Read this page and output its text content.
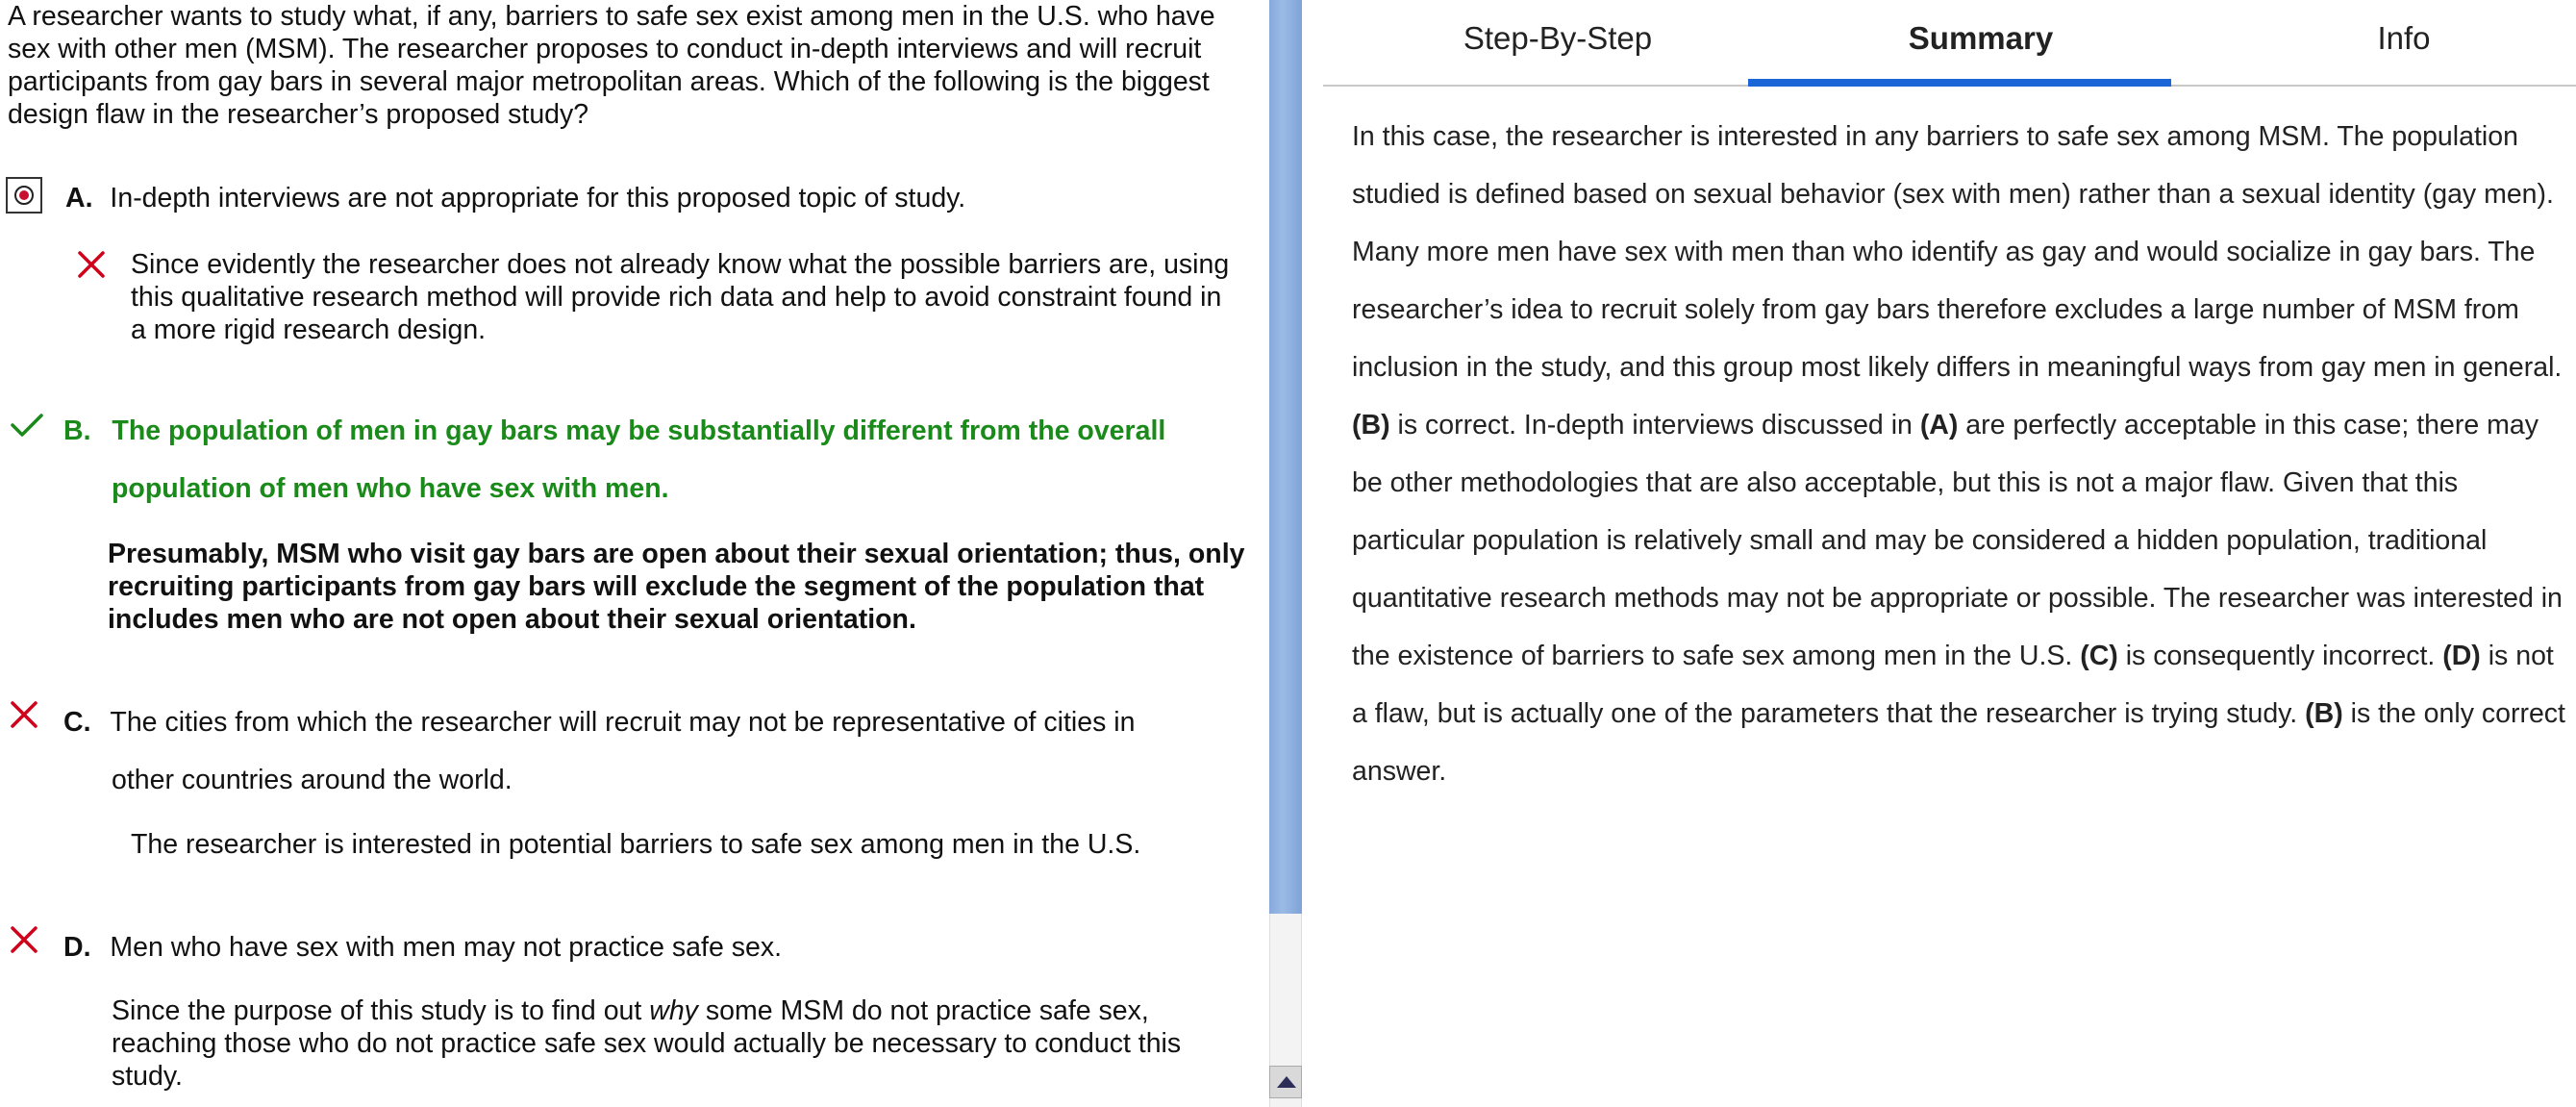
A researcher wants to study what, if any, barriers to safe sex exist among men in the U.S. who have sex with other men (MSM). The researcher proposes to conduct in-depth interviews and will recruit participants from gay bars in several major metropolitan areas. Which of the following is the biggest design flaw in the researcher’s proposed study?
A. In-depth interviews are not appropriate for this proposed topic of study.
Since evidently the researcher does not already know what the possible barriers are, using this qualitative research method will provide rich data and help to avoid constraint found in a more rigid research design.
B. The population of men in gay bars may be substantially different from the overall
population of men who have sex with men.
Presumably, MSM who visit gay bars are open about their sexual orientation; thus, only recruiting participants from gay bars will exclude the segment of the population that includes men who are not open about their sexual orientation.
C. The cities from which the researcher will recruit may not be representative of cities in
other countries around the world.
The researcher is interested in potential barriers to safe sex among men in the U.S.
D. Men who have sex with men may not practice safe sex.
Since the purpose of this study is to find out why some MSM do not practice safe sex, reaching those who do not practice safe sex would actually be necessary to conduct this study.
Step-By-Step	Summary	Info

In this case, the researcher is interested in any barriers to safe sex among MSM. The population studied is defined based on sexual behavior (sex with men) rather than a sexual identity (gay men). Many more men have sex with men than who identify as gay and would socialize in gay bars. The researcher’s idea to recruit solely from gay bars therefore excludes a large number of MSM from inclusion in the study, and this group most likely differs in meaningful ways from gay men in general. (B) is correct. In-depth interviews discussed in (A) are perfectly acceptable in this case; there may be other methodologies that are also acceptable, but this is not a major flaw. Given that this particular population is relatively small and may be considered a hidden population, traditional quantitative research methods may not be appropriate or possible. The researcher was interested in the existence of barriers to safe sex among men in the U.S. (C) is consequently incorrect. (D) is not a flaw, but is actually one of the parameters that the researcher is trying study. (B) is the only correct answer.
